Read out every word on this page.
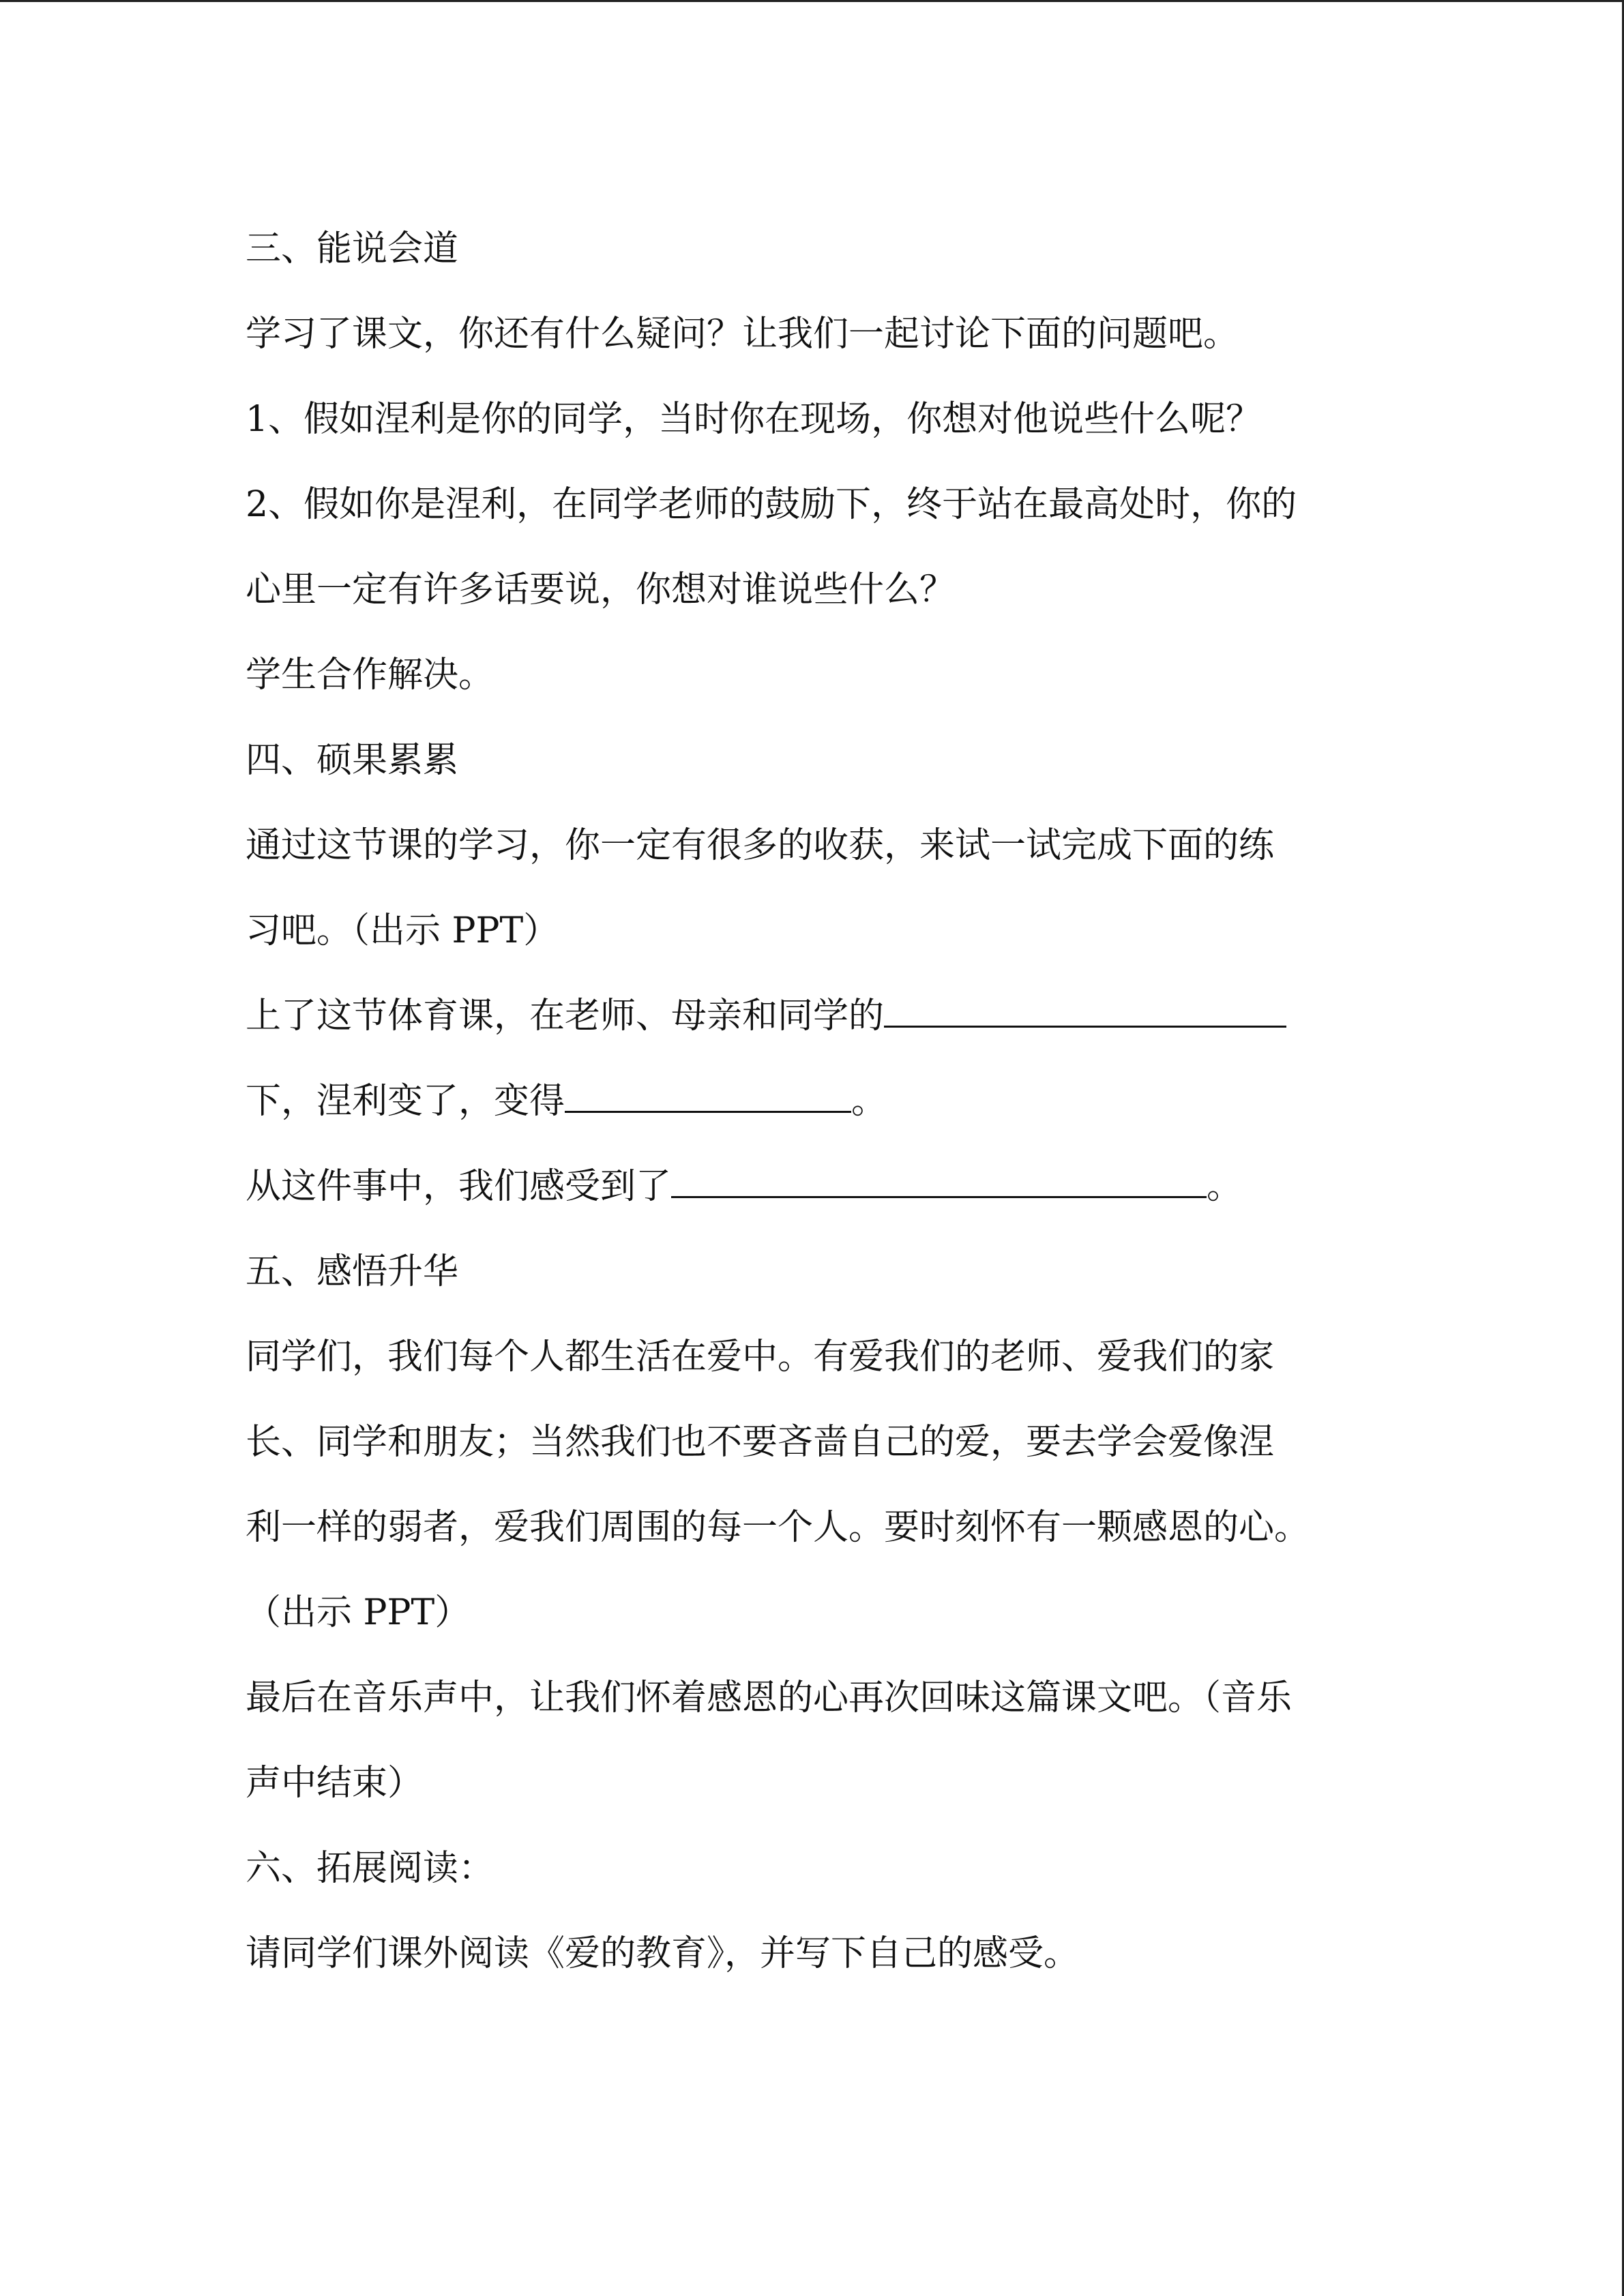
三、能说会道
学习了课文，你还有什么疑问？让我们一起讨论下面的问题吧。
1、假如涅利是你的同学，当时你在现场，你想对他说些什么呢？
2、假如你是涅利，在同学老师的鼓励下，终于站在最高处时，你的
心里一定有许多话要说，你想对谁说些什么？
学生合作解决。
四、硕果累累
通过这节课的学习，你一定有很多的收获，来试一试完成下面的练
习吧。（出示 PPT）
上了这节体育课，在老师、母亲和同学的
下，涅利变了，变得	。
从这件事中，我们感受到了	。
五、感悟升华
同学们，我们每个人都生活在爱中。有爱我们的老师、爱我们的家
长、同学和朋友；当然我们也不要吝啬自己的爱，要去学会爱像涅
利一样的弱者，爱我们周围的每一个人。要时刻怀有一颗感恩的心。
（出示 PPT）
最后在音乐声中，让我们怀着感恩的心再次回味这篇课文吧。（音乐
声中结束）
六、拓展阅读：
请同学们课外阅读《爱的教育》，并写下自己的感受。
